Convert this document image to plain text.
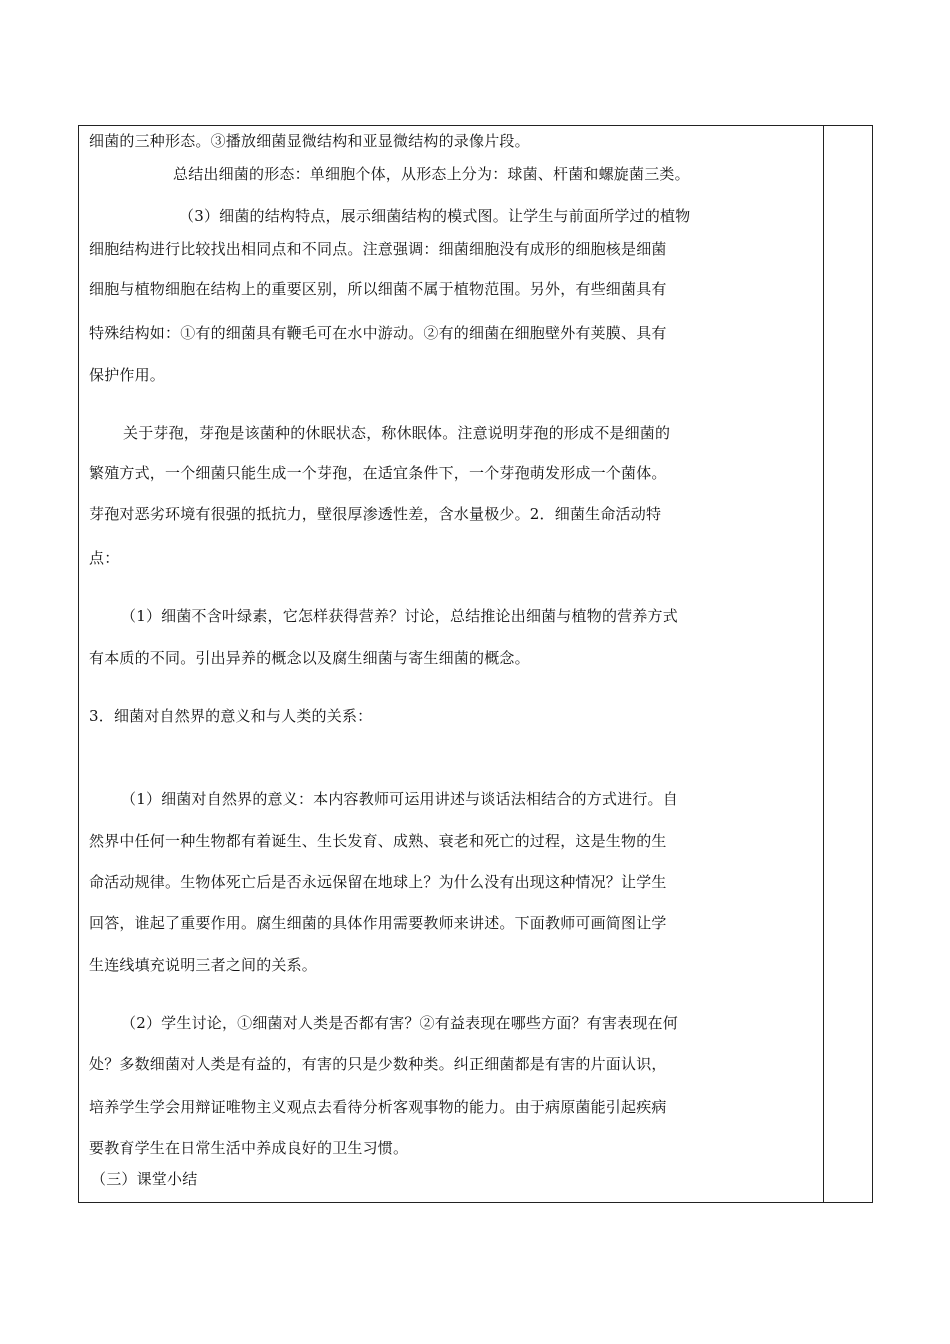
细菌的三种形态。③播放细菌显微结构和亚显微结构的录像片段。
总结出细菌的形态：单细胞个体，从形态上分为：球菌、杆菌和螺旋菌三类。
（3）细菌的结构特点，展示细菌结构的模式图。让学生与前面所学过的植物
细胞结构进行比较找出相同点和不同点。注意强调：细菌细胞没有成形的细胞核是细菌
细胞与植物细胞在结构上的重要区别，所以细菌不属于植物范围。另外，有些细菌具有
特殊结构如：①有的细菌具有鞭毛可在水中游动。②有的细菌在细胞壁外有荚膜、具有
保护作用。
关于芽孢，芽孢是该菌种的休眠状态，称休眠体。注意说明芽孢的形成不是细菌的
繁殖方式，一个细菌只能生成一个芽孢，在适宜条件下，一个芽孢萌发形成一个菌体。
芽孢对恶劣环境有很强的抵抗力，壁很厚渗透性差，含水量极少。2．细菌生命活动特
点：
（1）细菌不含叶绿素，它怎样获得营养？讨论，总结推论出细菌与植物的营养方式
有本质的不同。引出异养的概念以及腐生细菌与寄生细菌的概念。
3．细菌对自然界的意义和与人类的关系：
（1）细菌对自然界的意义：本内容教师可运用讲述与谈话法相结合的方式进行。自
然界中任何一种生物都有着诞生、生长发育、成熟、衰老和死亡的过程，这是生物的生
命活动规律。生物体死亡后是否永远保留在地球上？为什么没有出现这种情况？让学生
回答，谁起了重要作用。腐生细菌的具体作用需要教师来讲述。下面教师可画简图让学
生连线填充说明三者之间的关系。
（2）学生讨论，①细菌对人类是否都有害？②有益表现在哪些方面？有害表现在何
处？多数细菌对人类是有益的，有害的只是少数种类。纠正细菌都是有害的片面认识，
培养学生学会用辩证唯物主义观点去看待分析客观事物的能力。由于病原菌能引起疾病
要教育学生在日常生活中养成良好的卫生习惯。
（三）课堂小结
